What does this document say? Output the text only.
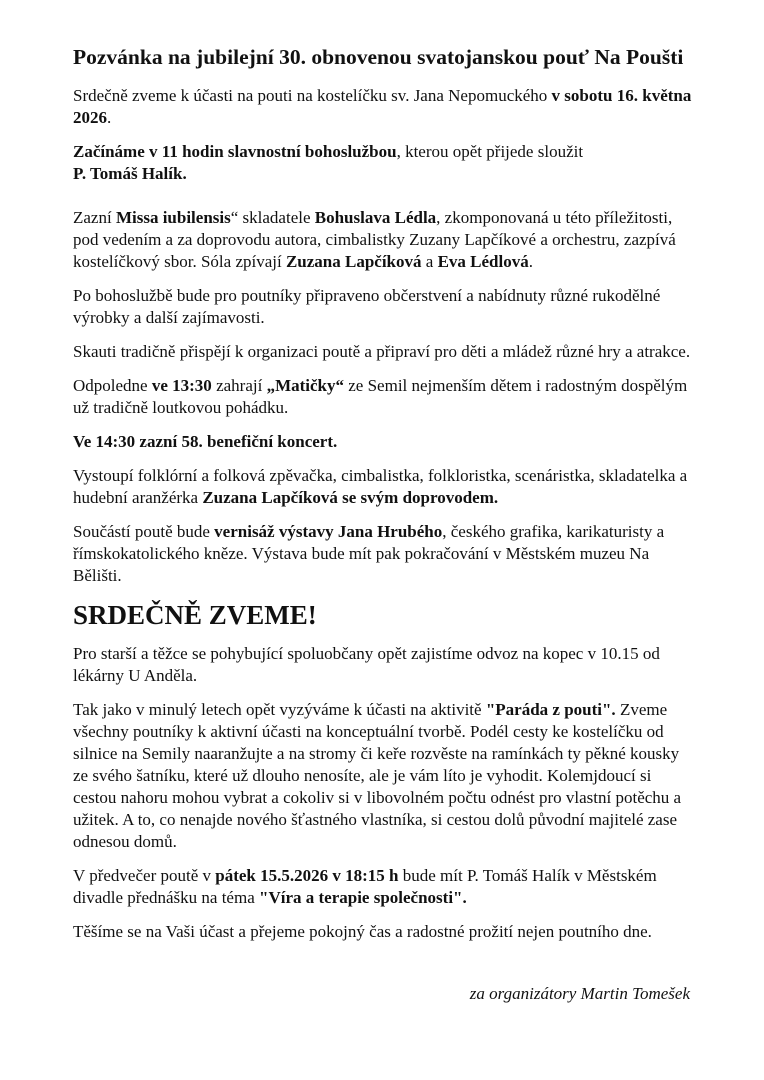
Pozvánka na jubilejní 30. obnovenou svatojanskou pouť Na Poušti

Srdečně zveme k účasti na pouti na kostelíčku sv. Jana Nepomuckého v sobotu 16. května 2026.

Začínáme v 11 hodin slavnostní bohoslužbou, kterou opět přijede sloužit
P. Tomáš Halík.

Zazní Missa iubilensis“ skladatele Bohuslava Lédla, zkomponovaná u této příležitosti, pod vedením a za doprovodu autora, cimbalistky Zuzany Lapčíkové a orchestru, zazpívá kostelíčkový sbor. Sóla zpívají Zuzana Lapčíková a Eva Lédlová.

Po bohoslužbě bude pro poutníky připraveno občerstvení a nabídnuty různé rukodělné výrobky a další zajímavosti.

Skauti tradičně přispějí k organizaci poutě a připraví pro děti a mládež různé hry a atrakce.

Odpoledne ve 13:30 zahrají „Matičky“ ze Semil nejmenším dětem i radostným dospělým už tradičně loutkovou pohádku.

Ve 14:30 zazní 58. benefiční koncert.

Vystoupí folklórní a folková zpěvačka, cimbalistka, folkloristka, scenáristka, skladatelka a hudební aranžérka Zuzana Lapčíková se svým doprovodem.

Součástí poutě bude vernisáž výstavy Jana Hrubého, českého grafika, karikaturisty a římskokatolického kněze. Výstava bude mít pak pokračování v Městském muzeu Na Bělišti.

SRDEČNĚ ZVEME!

Pro starší a těžce se pohybující spoluobčany opět zajistíme odvoz na kopec v 10.15 od lékárny U Anděla.

Tak jako v minulý letech opět vyzýváme k účasti na aktivitě "Paráda z pouti". Zveme všechny poutníky k aktivní účasti na konceptuální tvorbě. Podél cesty ke kostelíčku od silnice na Semily naaranžujte a na stromy či keře rozvěste na ramínkách ty pěkné kousky ze svého šatníku, které už dlouho nenosíte, ale je vám líto je vyhodit. Kolemjdoucí si cestou nahoru mohou vybrat a cokoliv si v libovolném počtu odnést pro vlastní potěchu a užitek. A to, co nenajde nového šťastného vlastníka, si cestou dolů původní majitelé zase odnesou domů.

V předvečer poutě v pátek 15.5.2026 v 18:15 h bude mít P. Tomáš Halík v Městském divadle přednášku na téma "Víra a terapie společnosti".

Těšíme se na Vaši účast a přejeme pokojný čas a radostné prožití nejen poutního dne.

za organizátory Martin Tomešek
